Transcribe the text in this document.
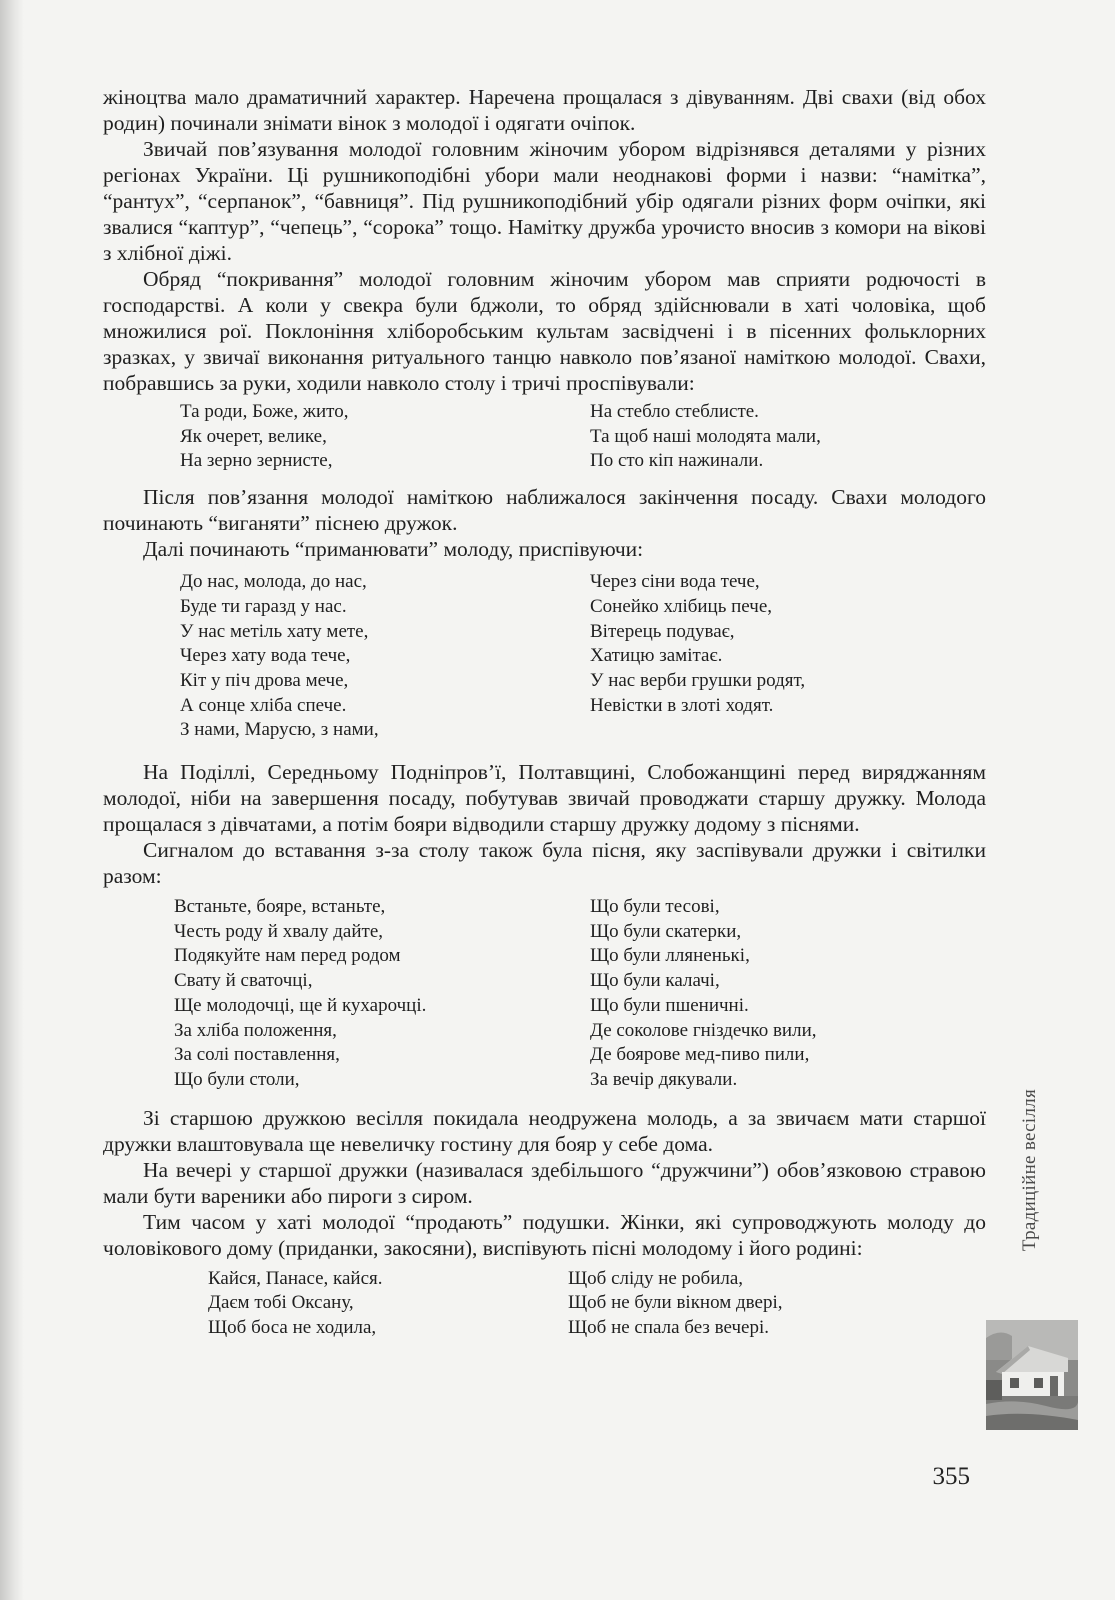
жіноцтва мало драматичний характер. Наречена прощалася з дівуванням. Дві свахи (від обох родин) починали знімати вінок з молодої і одягати очіпок.

Звичай пов’язування молодої головним жіночим убором відрізнявся деталями у різних регіонах України. Ці рушникоподібні убори мали неоднакові форми і назви: “намітка”, “рантух”, “серпанок”, “бавниця”. Під рушникоподібний убір одягали різних форм очіпки, які звалися “каптур”, “чепець”, “сорока” тощо. Намітку дружба урочисто вносив з комори на вікові з хлібної діжі.

Обряд “покривання” молодої головним жіночим убором мав сприяти родючості в господарстві. А коли у свекра були бджоли, то обряд здійснювали в хаті чоловіка, щоб множилися рої. Поклоніння хліборобським культам засвідчені і в пісенних фольклорних зразках, у звичаї виконання ритуального танцю навколо пов’язаної наміткою молодої. Свахи, побравшись за руки, ходили навколо столу і тричі проспівували:

Та роди, Боже, жито,
Як очерет, велике,
На зерно зернисте,
На стебло стеблисте.
Та щоб наші молодята мали,
По сто кіп нажинали.

Після пов’язання молодої наміткою наближалося закінчення посаду. Свахи молодого починають “виганяти” піснею дружок.

Далі починають “приманювати” молоду, приспівуючи:

До нас, молода, до нас,
Буде ти гаразд у нас.
У нас метіль хату мете,
Через хату вода тече,
Кіт у піч дрова мече,
А сонце хліба спече.
З нами, Марусю, з нами,
Через сіни вода тече,
Сонейко хлібиць пече,
Вітерець подуває,
Хатицю замітає.
У нас верби грушки родят,
Невістки в злоті ходят.

На Поділлі, Середньому Подніпров’ї, Полтавщині, Слобожанщині перед виряджанням молодої, ніби на завершення посаду, побутував звичай проводжати старшу дружку. Молода прощалася з дівчатами, а потім бояри відводили старшу дружку додому з піснями.

Сигналом до вставання з-за столу також була пісня, яку заспівували дружки і світилки разом:

Встаньте, бояре, встаньте,
Честь роду й хвалу дайте,
Подякуйте нам перед родом
Свату й сваточці,
Ще молодочці, ще й кухарочці.
За хліба положення,
За солі поставлення,
Що були столи,
Що були тесові,
Що були скатерки,
Що були лляненькі,
Що були калачі,
Що були пшеничні.
Де соколове гніздечко вили,
Де боярове мед-пиво пили,
За вечір дякували.

Зі старшою дружкою весілля покидала неодружена молодь, а за звичаєм мати старшої дружки влаштовувала ще невеличку гостину для бояр у себе дома.

На вечері у старшої дружки (називалася здебільшого “дружчини”) обов’язковою стравою мали бути вареники або пироги з сиром.

Тим часом у хаті молодої “продають” подушки. Жінки, які супроводжують молоду до чоловікового дому (приданки, закосяни), виспівують пісні молодому і його родині:

Кайся, Панасе, кайся.
Даєм тобі Оксану,
Щоб боса не ходила,
Щоб сліду не робила,
Щоб не були вікном двері,
Щоб не спала без вечері.
Традиційне весілля
355
